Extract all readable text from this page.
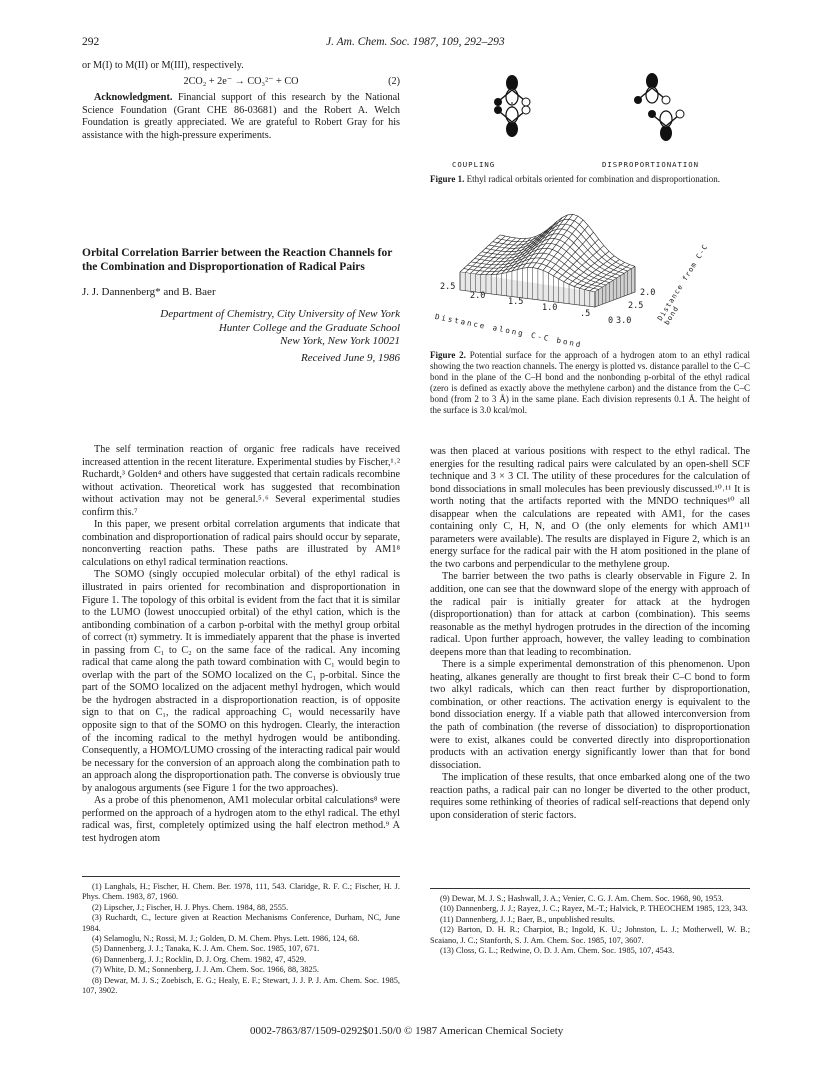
292	J. Am. Chem. Soc. 1987, 109, 292–293

or M(I) to M(II) or M(III), respectively.

2CO₂ + 2e⁻ → CO₃²⁻ + CO	(2)

Acknowledgment. Financial support of this research by the National Science Foundation (Grant CHE 86-03681) and the Robert A. Welch Foundation is greatly appreciated. We are grateful to Robert Gray for his assistance with the high-pressure experiments.

Orbital Correlation Barrier between the Reaction Channels for the Combination and Disproportionation of Radical Pairs
J. J. Dannenberg* and B. Baer
Department of Chemistry, City University of New York
Hunter College and the Graduate School
New York, New York 10021
Received June 9, 1986

The self termination reaction of organic free radicals have received increased attention in the recent literature. Experimental studies by Fischer,¹˒² Ruchardt,³ Golden⁴ and others have suggested that certain radicals recombine without activation. Theoretical work has suggested that recombination without activation may not be general.⁵˒⁶ Several experimental studies confirm this.⁷

In this paper, we present orbital correlation arguments that indicate that combination and disproportionation of radical pairs should occur by separate, nonconverting reaction paths. These paths are illustrated by AM1⁸ calculations on ethyl radical termination reactions.

The SOMO (singly occupied molecular orbital) of the ethyl radical is illustrated in pairs oriented for recombination and disproportionation in Figure 1. The topology of this orbital is evident from the fact that it is similar to the LUMO (lowest unoccupied orbital) of the ethyl cation, which is the antibonding combination of a carbon p-orbital with the methyl group orbital of correct (π) symmetry. It is immediately apparent that the phase is inverted in passing from C₁ to C₂ on the same face of the radical. Any incoming radical that came along the path toward combination with C₁ would begin to overlap with the part of the SOMO localized on the C₁ p-orbital. Since the part of the SOMO localized on the adjacent methyl hydrogen, which would be the hydrogen abstracted in a disproportionation reaction, is of opposite sign to that on C₁, the radical approaching C₁ would necessarily have opposite sign to that of the SOMO on this hydrogen. Clearly, the interaction of the incoming radical to the methyl hydrogen would be antibonding. Consequently, a HOMO/LUMO crossing of the interacting radical pair would be necessary for the conversion of an approach along the combination path to an approach along the disproportionation path. The converse is obviously true by analogous arguments (see Figure 1 for the two approaches).

As a probe of this phenomenon, AM1 molecular orbital calculations⁸ were performed on the approach of a hydrogen atom to the ethyl radical. The ethyl radical was, first, completely optimized using the half electron method.⁹ A test hydrogen atom

(1) Langhals, H.; Fischer, H. Chem. Ber. 1978, 111, 543. Claridge, R. F. C.; Fischer, H. J. Phys. Chem. 1983, 87, 1960.
(2) Lipscher, J.; Fischer, H. J. Phys. Chem. 1984, 88, 2555.
(3) Ruchardt, C., lecture given at Reaction Mechanisms Conference, Durham, NC, June 1984.
(4) Selamoglu, N.; Rossi, M. J.; Golden, D. M. Chem. Phys. Lett. 1986, 124, 68.
(5) Dannenberg, J. J.; Tanaka, K. J. Am. Chem. Soc. 1985, 107, 671.
(6) Dannenberg, J. J.; Rocklin, D. J. Org. Chem. 1982, 47, 4529.
(7) White, D. M.; Sonnenberg, J. J. Am. Chem. Soc. 1966, 88, 3825.
(8) Dewar, M. J. S.; Zoebisch, E. G.; Healy, E. F.; Stewart, J. J. P. J. Am. Chem. Soc. 1985, 107, 3902.
COUPLING	DISPROPORTIONATION
Figure 1. Ethyl radical orbitals oriented for combination and disproportionation.
2.5
2.0
1.5
1.0
.5
0
2.0
2.5
3.0
Distance along C-C bond
Distance from C-C bond
Figure 2. Potential surface for the approach of a hydrogen atom to an ethyl radical showing the two reaction channels. The energy is plotted vs. distance parallel to the C–C bond in the plane of the C–H bond and the nonbonding p-orbital of the ethyl radical (zero is defined as exactly above the methylene carbon) and the distance from the C–C bond (from 2 to 3 Å) in the same plane. Each division represents 0.1 Å. The height of the surface is 3.0 kcal/mol.

was then placed at various positions with respect to the ethyl radical. The energies for the resulting radical pairs were calculated by an open-shell SCF technique and 3 × 3 CI. The utility of these procedures for the calculation of bond dissociations in small molecules has been previously discussed.¹⁰˒¹¹ It is worth noting that the artifacts reported with the MNDO techniques¹⁰ all disappear when the calculations are repeated with AM1, for the cases containing only C, H, N, and O (the only elements for which AM1¹¹ parameters were available). The results are displayed in Figure 2, which is an energy surface for the radical pair with the H atom positioned in the plane of the two carbons and perpendicular to the methylene group.

The barrier between the two paths is clearly observable in Figure 2. In addition, one can see that the downward slope of the energy with approach of the radical pair is initially greater for attack at the hydrogen (disproportionation) than for attack at carbon (combination). This seems reasonable as the methyl hydrogen protrudes in the direction of the incoming radical. Upon further approach, however, the valley leading to combination deepens more than that leading to recombination.

There is a simple experimental demonstration of this phenomenon. Upon heating, alkanes generally are thought to first break their C–C bond to form two alkyl radicals, which can then react further by disproportionation, combination, or other reactions. The activation energy is equivalent to the bond dissociation energy. If a viable path that allowed interconversion from the path of combination (the reverse of dissociation) to disproportionation were to exist, alkanes could be converted directly into disproportionation products with an activation energy significantly lower than that for bond dissociation.

The implication of these results, that once embarked along one of the two reaction paths, a radical pair can no longer be diverted to the other product, requires some rethinking of theories of radical self-reactions that depend only upon consideration of steric factors.

(9) Dewar, M. J. S.; Hashwall, J. A.; Venier, C. G. J. Am. Chem. Soc. 1968, 90, 1953.
(10) Dannenberg, J. J.; Rayez, J. C.; Rayez, M.-T.; Halvick, P. THEOCHEM 1985, 123, 343.
(11) Dannenberg, J. J.; Baer, B., unpublished results.
(12) Barton, D. H. R.; Charpiot, B.; Ingold, K. U.; Johnston, L. J.; Motherwell, W. B.; Scaiano, J. C.; Stanforth, S. J. Am. Chem. Soc. 1985, 107, 3607.
(13) Closs, G. L.; Redwine, O. D. J. Am. Chem. Soc. 1985, 107, 4543.
0002-7863/87/1509-0292$01.50/0 © 1987 American Chemical Society
